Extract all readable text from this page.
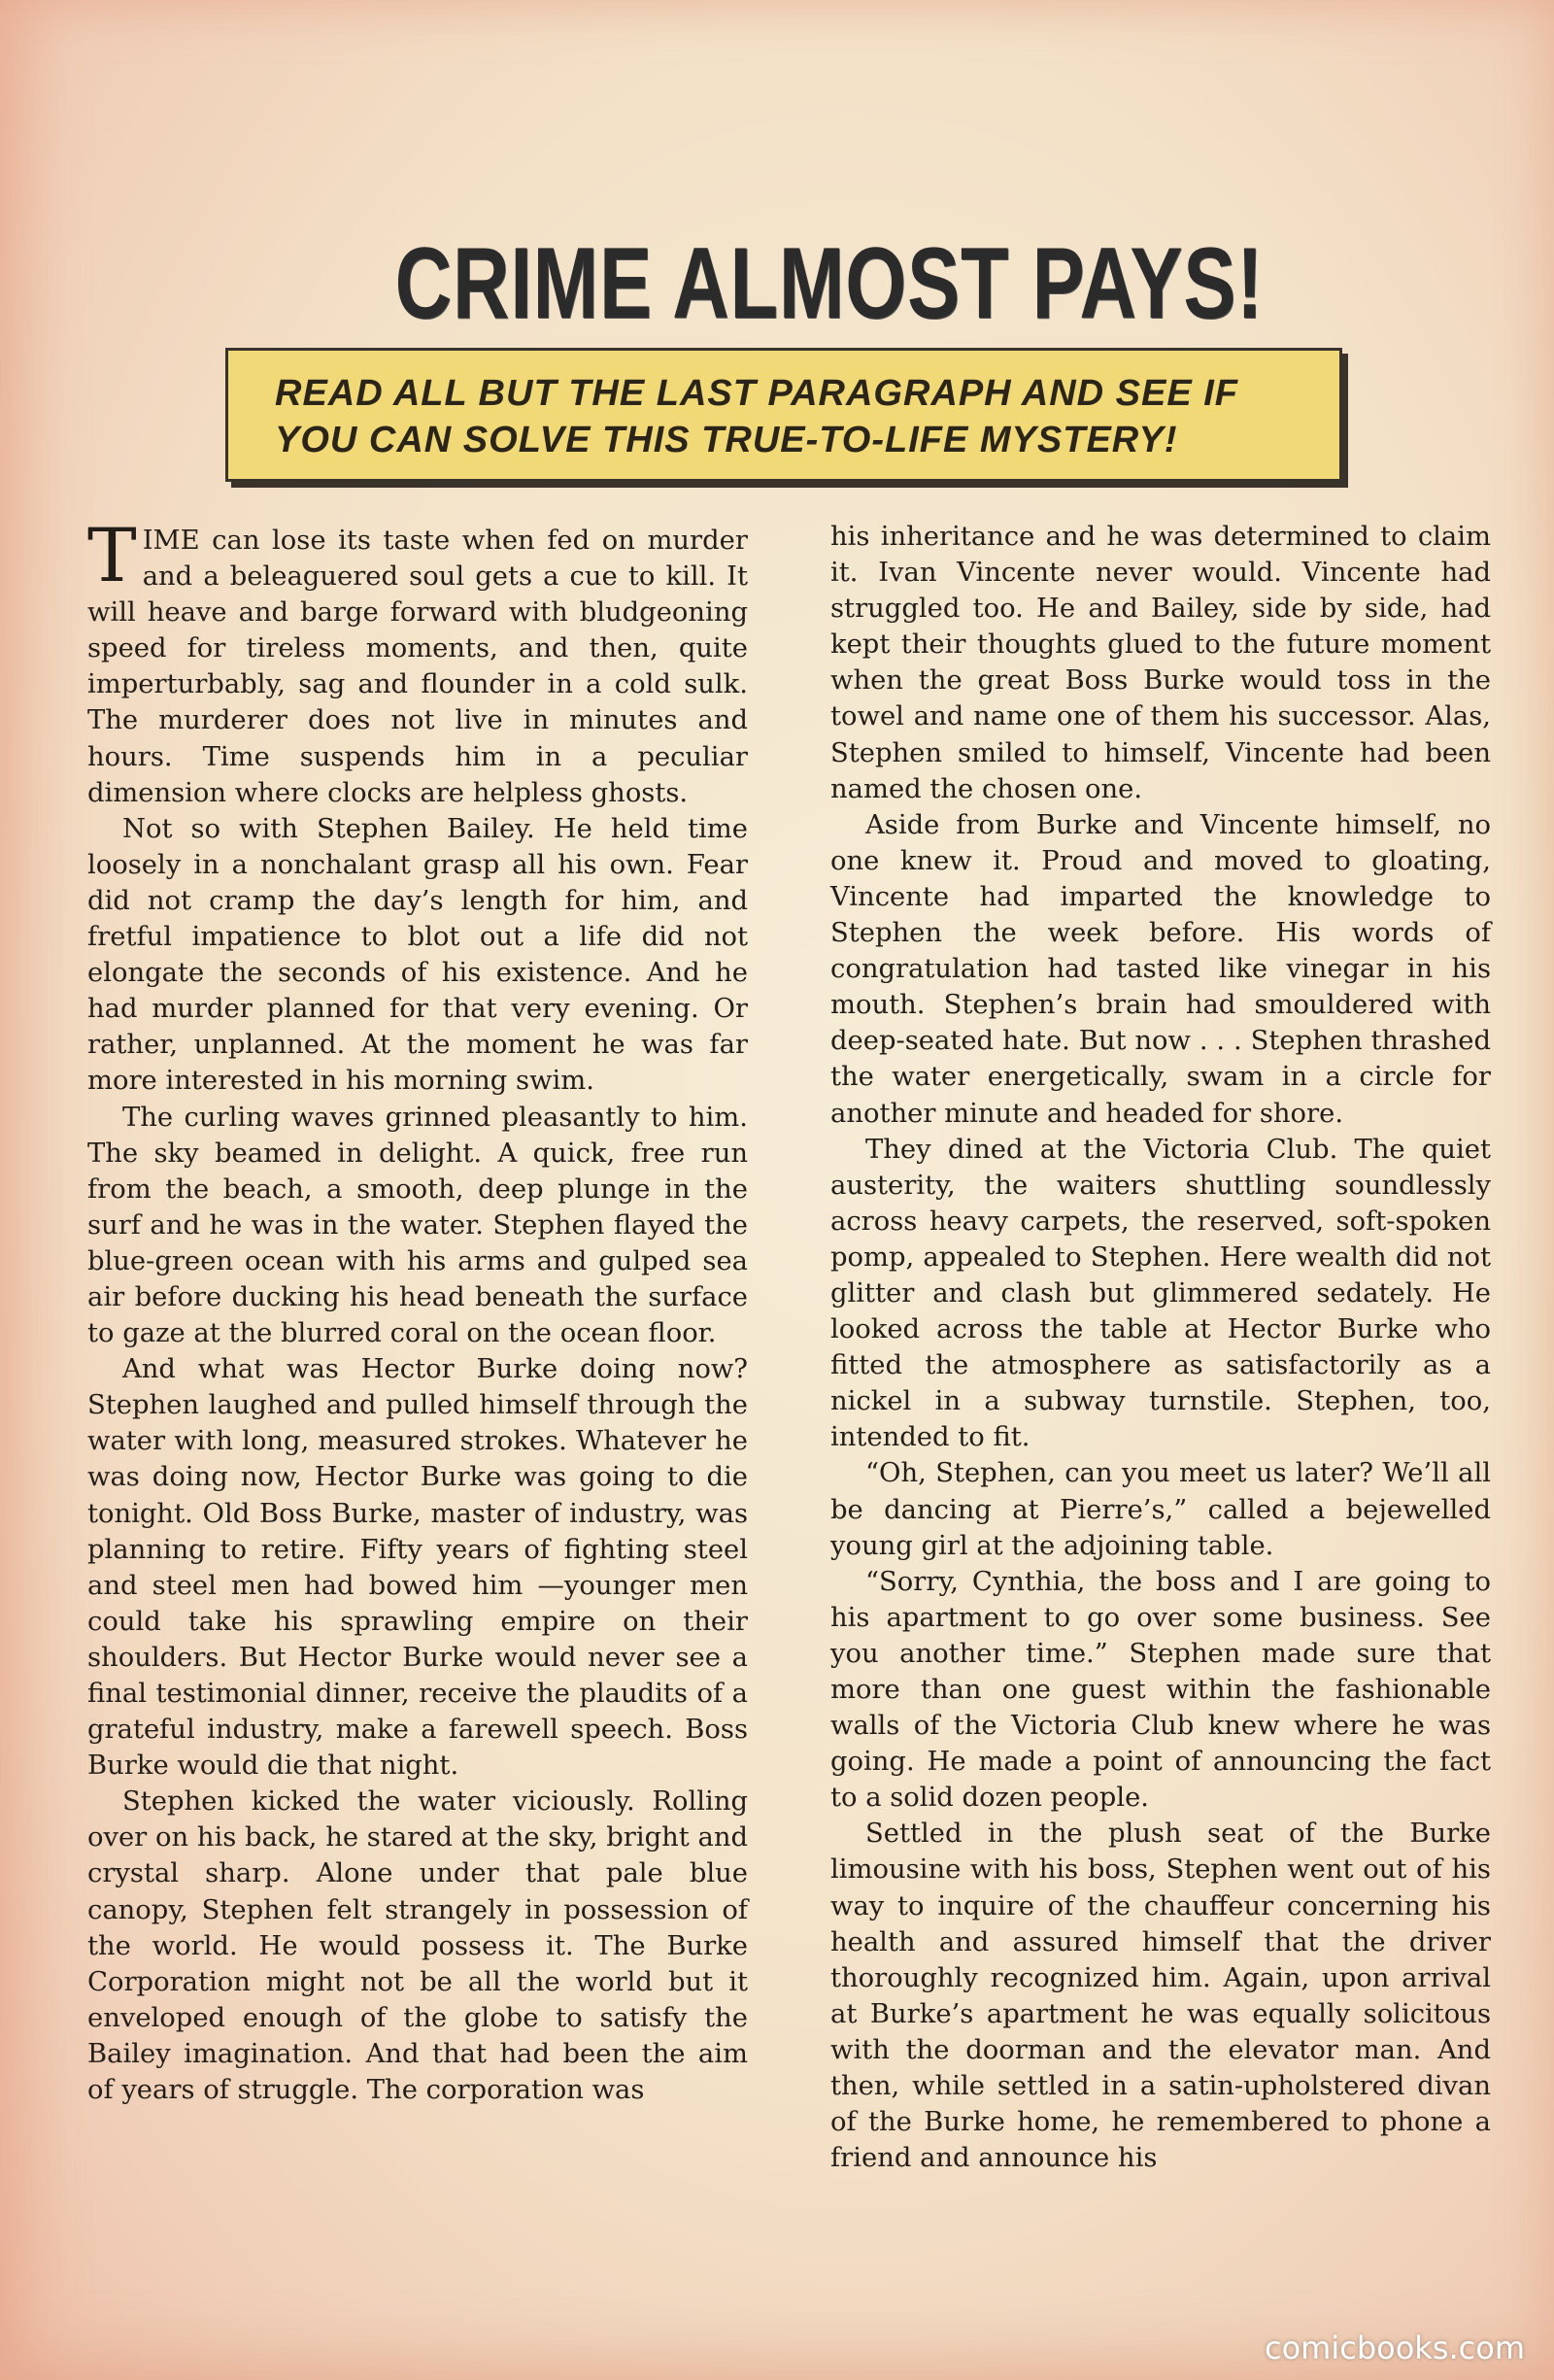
CRIME ALMOST PAYS!
READ ALL BUT THE LAST PARAGRAPH AND SEE IF YOU CAN SOLVE THIS TRUE-TO-LIFE MYSTERY!

TIME can lose its taste when fed on murder and a beleaguered soul gets a cue to kill. It will heave and barge forward with bludgeoning speed for tireless moments, and then, quite imperturbably, sag and flounder in a cold sulk. The murderer does not live in minutes and hours. Time suspends him in a peculiar dimension where clocks are helpless ghosts.

Not so with Stephen Bailey. He held time loosely in a nonchalant grasp all his own. Fear did not cramp the day’s length for him, and fretful impatience to blot out a life did not elongate the seconds of his existence. And he had murder planned for that very evening. Or rather, unplanned. At the moment he was far more interested in his morning swim.

The curling waves grinned pleasantly to him. The sky beamed in delight. A quick, free run from the beach, a smooth, deep plunge in the surf and he was in the water. Stephen flayed the blue-green ocean with his arms and gulped sea air before ducking his head beneath the surface to gaze at the blurred coral on the ocean floor.

And what was Hector Burke doing now? Stephen laughed and pulled himself through the water with long, measured strokes. Whatever he was doing now, Hector Burke was going to die tonight. Old Boss Burke, master of industry, was planning to retire. Fifty years of fighting steel and steel men had bowed him —younger men could take his sprawling empire on their shoulders. But Hector Burke would never see a final testimonial dinner, receive the plaudits of a grateful industry, make a farewell speech. Boss Burke would die that night.

Stephen kicked the water viciously. Rolling over on his back, he stared at the sky, bright and crystal sharp. Alone under that pale blue canopy, Stephen felt strangely in possession of the world. He would possess it. The Burke Corporation might not be all the world but it enveloped enough of the globe to satisfy the Bailey imagination. And that had been the aim of years of struggle. The corporation was

his inheritance and he was determined to claim it. Ivan Vincente never would. Vincente had struggled too. He and Bailey, side by side, had kept their thoughts glued to the future moment when the great Boss Burke would toss in the towel and name one of them his successor. Alas, Stephen smiled to himself, Vincente had been named the chosen one.

Aside from Burke and Vincente himself, no one knew it. Proud and moved to gloating, Vincente had imparted the knowledge to Stephen the week before. His words of congratulation had tasted like vinegar in his mouth. Stephen’s brain had smouldered with deep-seated hate. But now . . . Stephen thrashed the water energetically, swam in a circle for another minute and headed for shore.

They dined at the Victoria Club. The quiet austerity, the waiters shuttling soundlessly across heavy carpets, the reserved, soft-spoken pomp, appealed to Stephen. Here wealth did not glitter and clash but glimmered sedately. He looked across the table at Hector Burke who fitted the atmosphere as satisfactorily as a nickel in a subway turnstile. Stephen, too, intended to fit.

“Oh, Stephen, can you meet us later? We’ll all be dancing at Pierre’s,” called a bejewelled young girl at the adjoining table.

“Sorry, Cynthia, the boss and I are going to his apartment to go over some business. See you another time.” Stephen made sure that more than one guest within the fashionable walls of the Victoria Club knew where he was going. He made a point of announcing the fact to a solid dozen people.

Settled in the plush seat of the Burke limousine with his boss, Stephen went out of his way to inquire of the chauffeur concerning his health and assured himself that the driver thoroughly recognized him. Again, upon arrival at Burke’s apartment he was equally solicitous with the doorman and the elevator man. And then, while settled in a satin-upholstered divan of the Burke home, he remembered to phone a friend and announce his

comicbooks.com
